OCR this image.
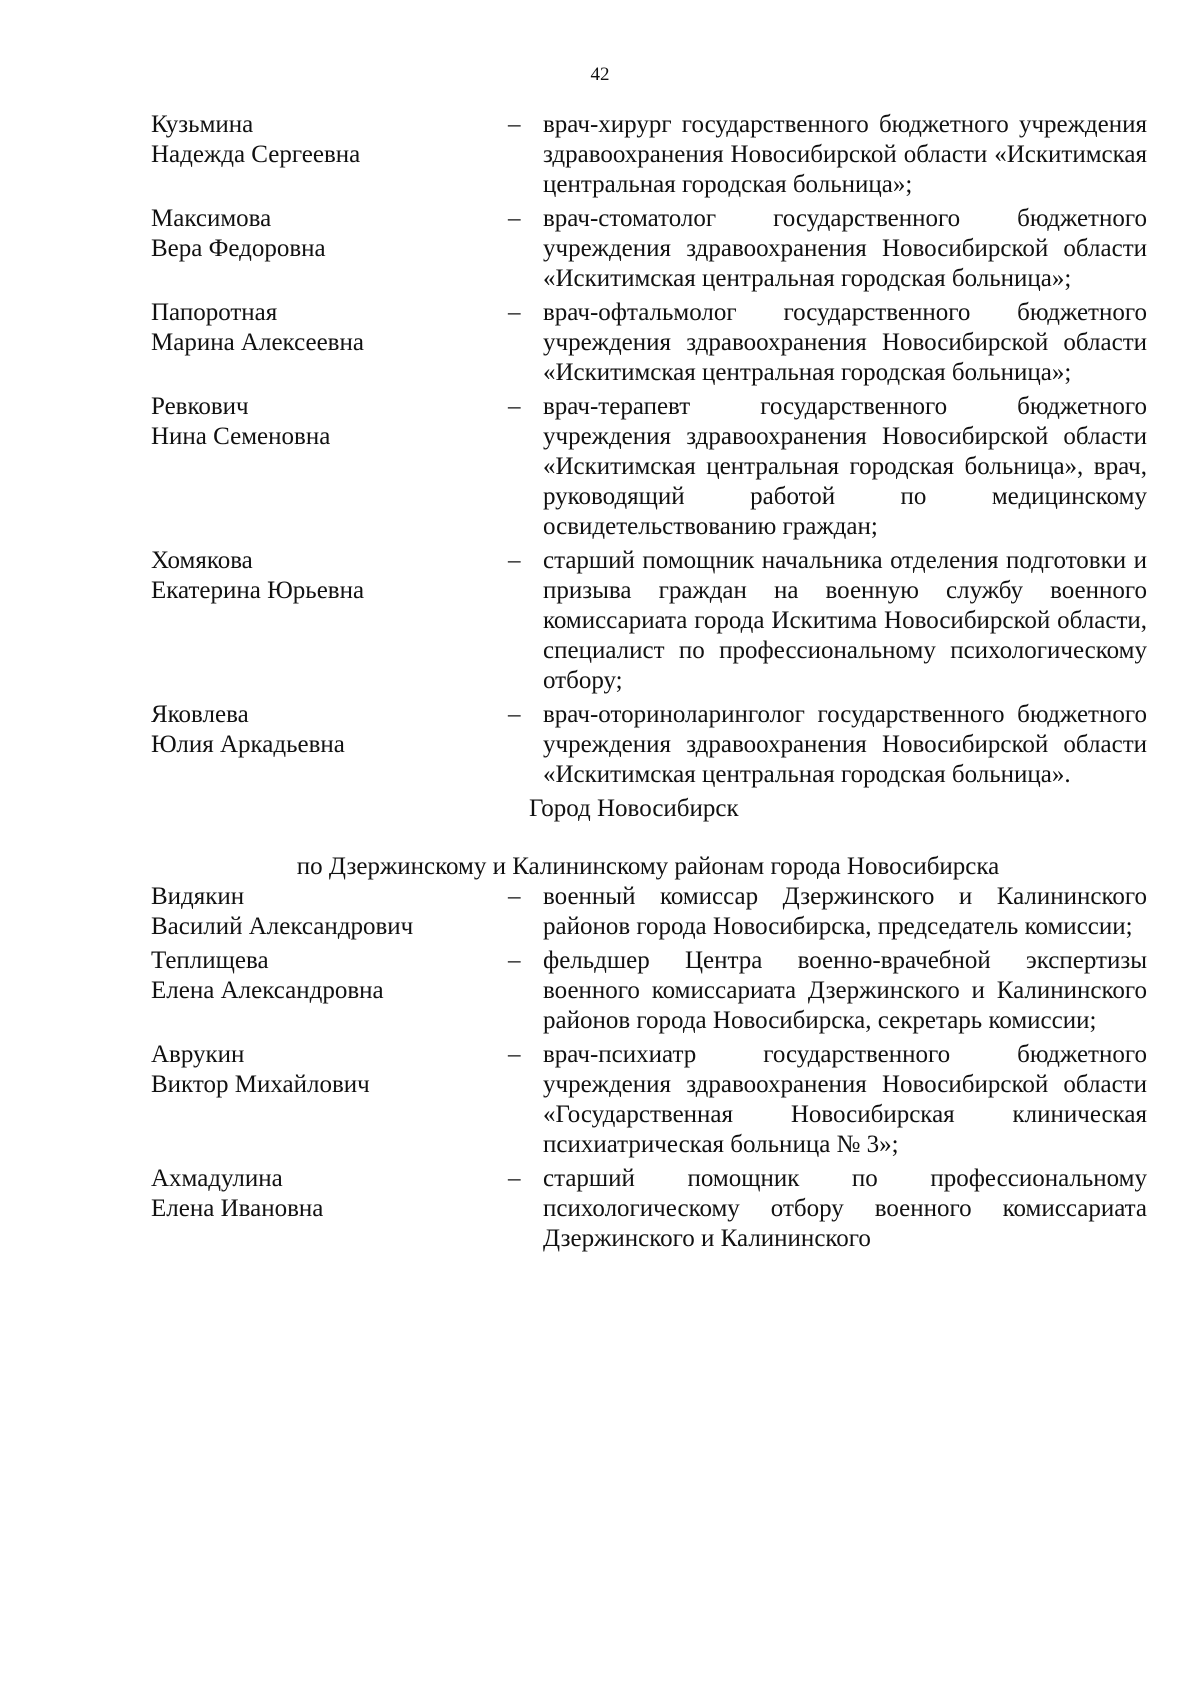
42
Кузьмина
Надежда Сергеевна
– врач-хирург государственного бюджетного учреждения здравоохранения Новосибирской области «Искитимская центральная городская больница»;
Максимова
Вера Федоровна
– врач-стоматолог государственного бюджетного учреждения здравоохранения Новосибирской области «Искитимская центральная городская больница»;
Папоротная
Марина Алексеевна
– врач-офтальмолог государственного бюджетного учреждения здравоохранения Новосибирской области «Искитимская центральная городская больница»;
Ревкович
Нина Семеновна
– врач-терапевт государственного бюджетного учреждения здравоохранения Новосибирской области «Искитимская центральная городская больница», врач, руководящий работой по медицинскому освидетельствованию граждан;
Хомякова
Екатерина Юрьевна
– старший помощник начальника отделения подготовки и призыва граждан на военную службу военного комиссариата города Искитима Новосибирской области, специалист по профессиональному психологическому отбору;
Яковлева
Юлия Аркадьевна
– врач-оториноларинголог государственного бюджетного учреждения здравоохранения Новосибирской области «Искитимская центральная городская больница».
Город Новосибирск
по Дзержинскому и Калининскому районам города Новосибирска
Видякин
Василий Александрович
– военный комиссар Дзержинского и Калининского районов города Новосибирска, председатель комиссии;
Теплищева
Елена Александровна
– фельдшер Центра военно-врачебной экспертизы военного комиссариата Дзержинского и Калининского районов города Новосибирска, секретарь комиссии;
Аврукин
Виктор Михайлович
– врач-психиатр государственного бюджетного учреждения здравоохранения Новосибирской области «Государственная Новосибирская клиническая психиатрическая больница № 3»;
Ахмадулина
Елена Ивановна
– старший помощник по профессиональному психологическому отбору военного комиссариата Дзержинского и Калининского
